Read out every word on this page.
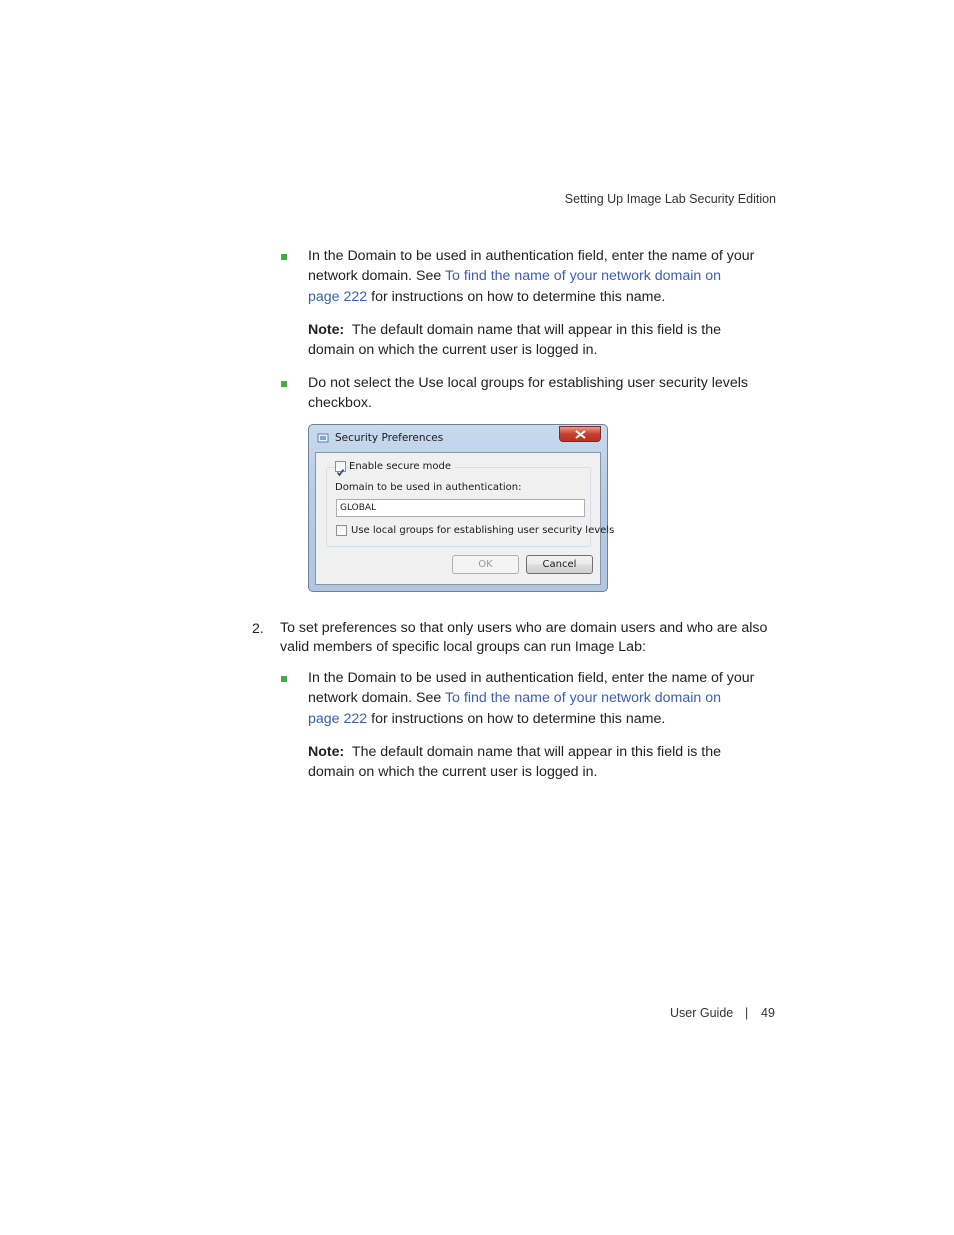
Setting Up Image Lab Security Edition
In the Domain to be used in authentication field, enter the name of your
network domain. See To find the name of your network domain on
page 222 for instructions on how to determine this name.
Note: The default domain name that will appear in this field is the
domain on which the current user is logged in.
Do not select the Use local groups for establishing user security levels
checkbox.
Security Preferences
Enable secure mode
Domain to be used in authentication:
GLOBAL
Use local groups for establishing user security levels
OK	Cancel
2. To set preferences so that only users who are domain users and who are also
valid members of specific local groups can run Image Lab:
In the Domain to be used in authentication field, enter the name of your
network domain. See To find the name of your network domain on
page 222 for instructions on how to determine this name.
Note: The default domain name that will appear in this field is the
domain on which the current user is logged in.
User Guide | 49
